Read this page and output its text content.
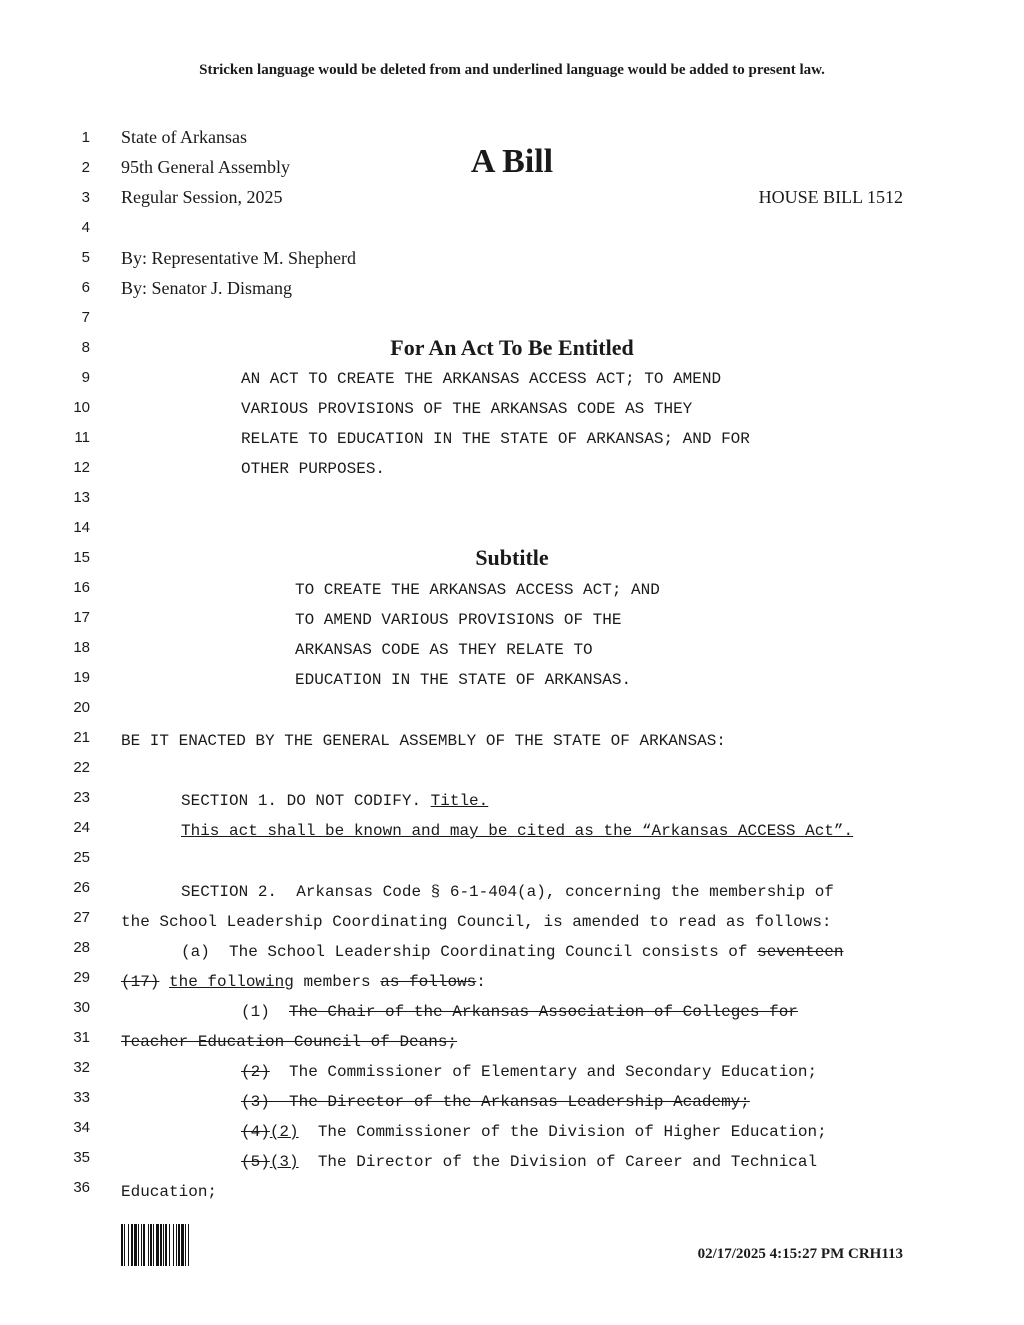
Stricken language would be deleted from and underlined language would be added to present law.
1
2
3
4
5
6
7
8
9
10
11
12
13
14
15
16
17
18
19
20
21
22
23
24
25
26
27
28
29
30
31
32
33
34
35
36
State of Arkansas
95th General Assembly
Regular Session, 2025
A Bill
HOUSE BILL 1512
By: Representative M. Shepherd
By: Senator J. Dismang
For An Act To Be Entitled
AN ACT TO CREATE THE ARKANSAS ACCESS ACT; TO AMEND
VARIOUS PROVISIONS OF THE ARKANSAS CODE AS THEY
RELATE TO EDUCATION IN THE STATE OF ARKANSAS; AND FOR
OTHER PURPOSES.
Subtitle
TO CREATE THE ARKANSAS ACCESS ACT; AND
TO AMEND VARIOUS PROVISIONS OF THE
ARKANSAS CODE AS THEY RELATE TO
EDUCATION IN THE STATE OF ARKANSAS.
BE IT ENACTED BY THE GENERAL ASSEMBLY OF THE STATE OF ARKANSAS:
SECTION 1. DO NOT CODIFY. Title.
This act shall be known and may be cited as the “Arkansas ACCESS Act”.
SECTION 2.  Arkansas Code § 6-1-404(a), concerning the membership of
the School Leadership Coordinating Council, is amended to read as follows:
(a)  The School Leadership Coordinating Council consists of seventeen
(17) the following members as follows:
(1)  The Chair of the Arkansas Association of Colleges for
Teacher Education Council of Deans;
(2)  The Commissioner of Elementary and Secondary Education;
(3)  The Director of the Arkansas Leadership Academy;
(4)(2)  The Commissioner of the Division of Higher Education;
(5)(3)  The Director of the Division of Career and Technical
Education;
02/17/2025 4:15:27 PM CRH113
